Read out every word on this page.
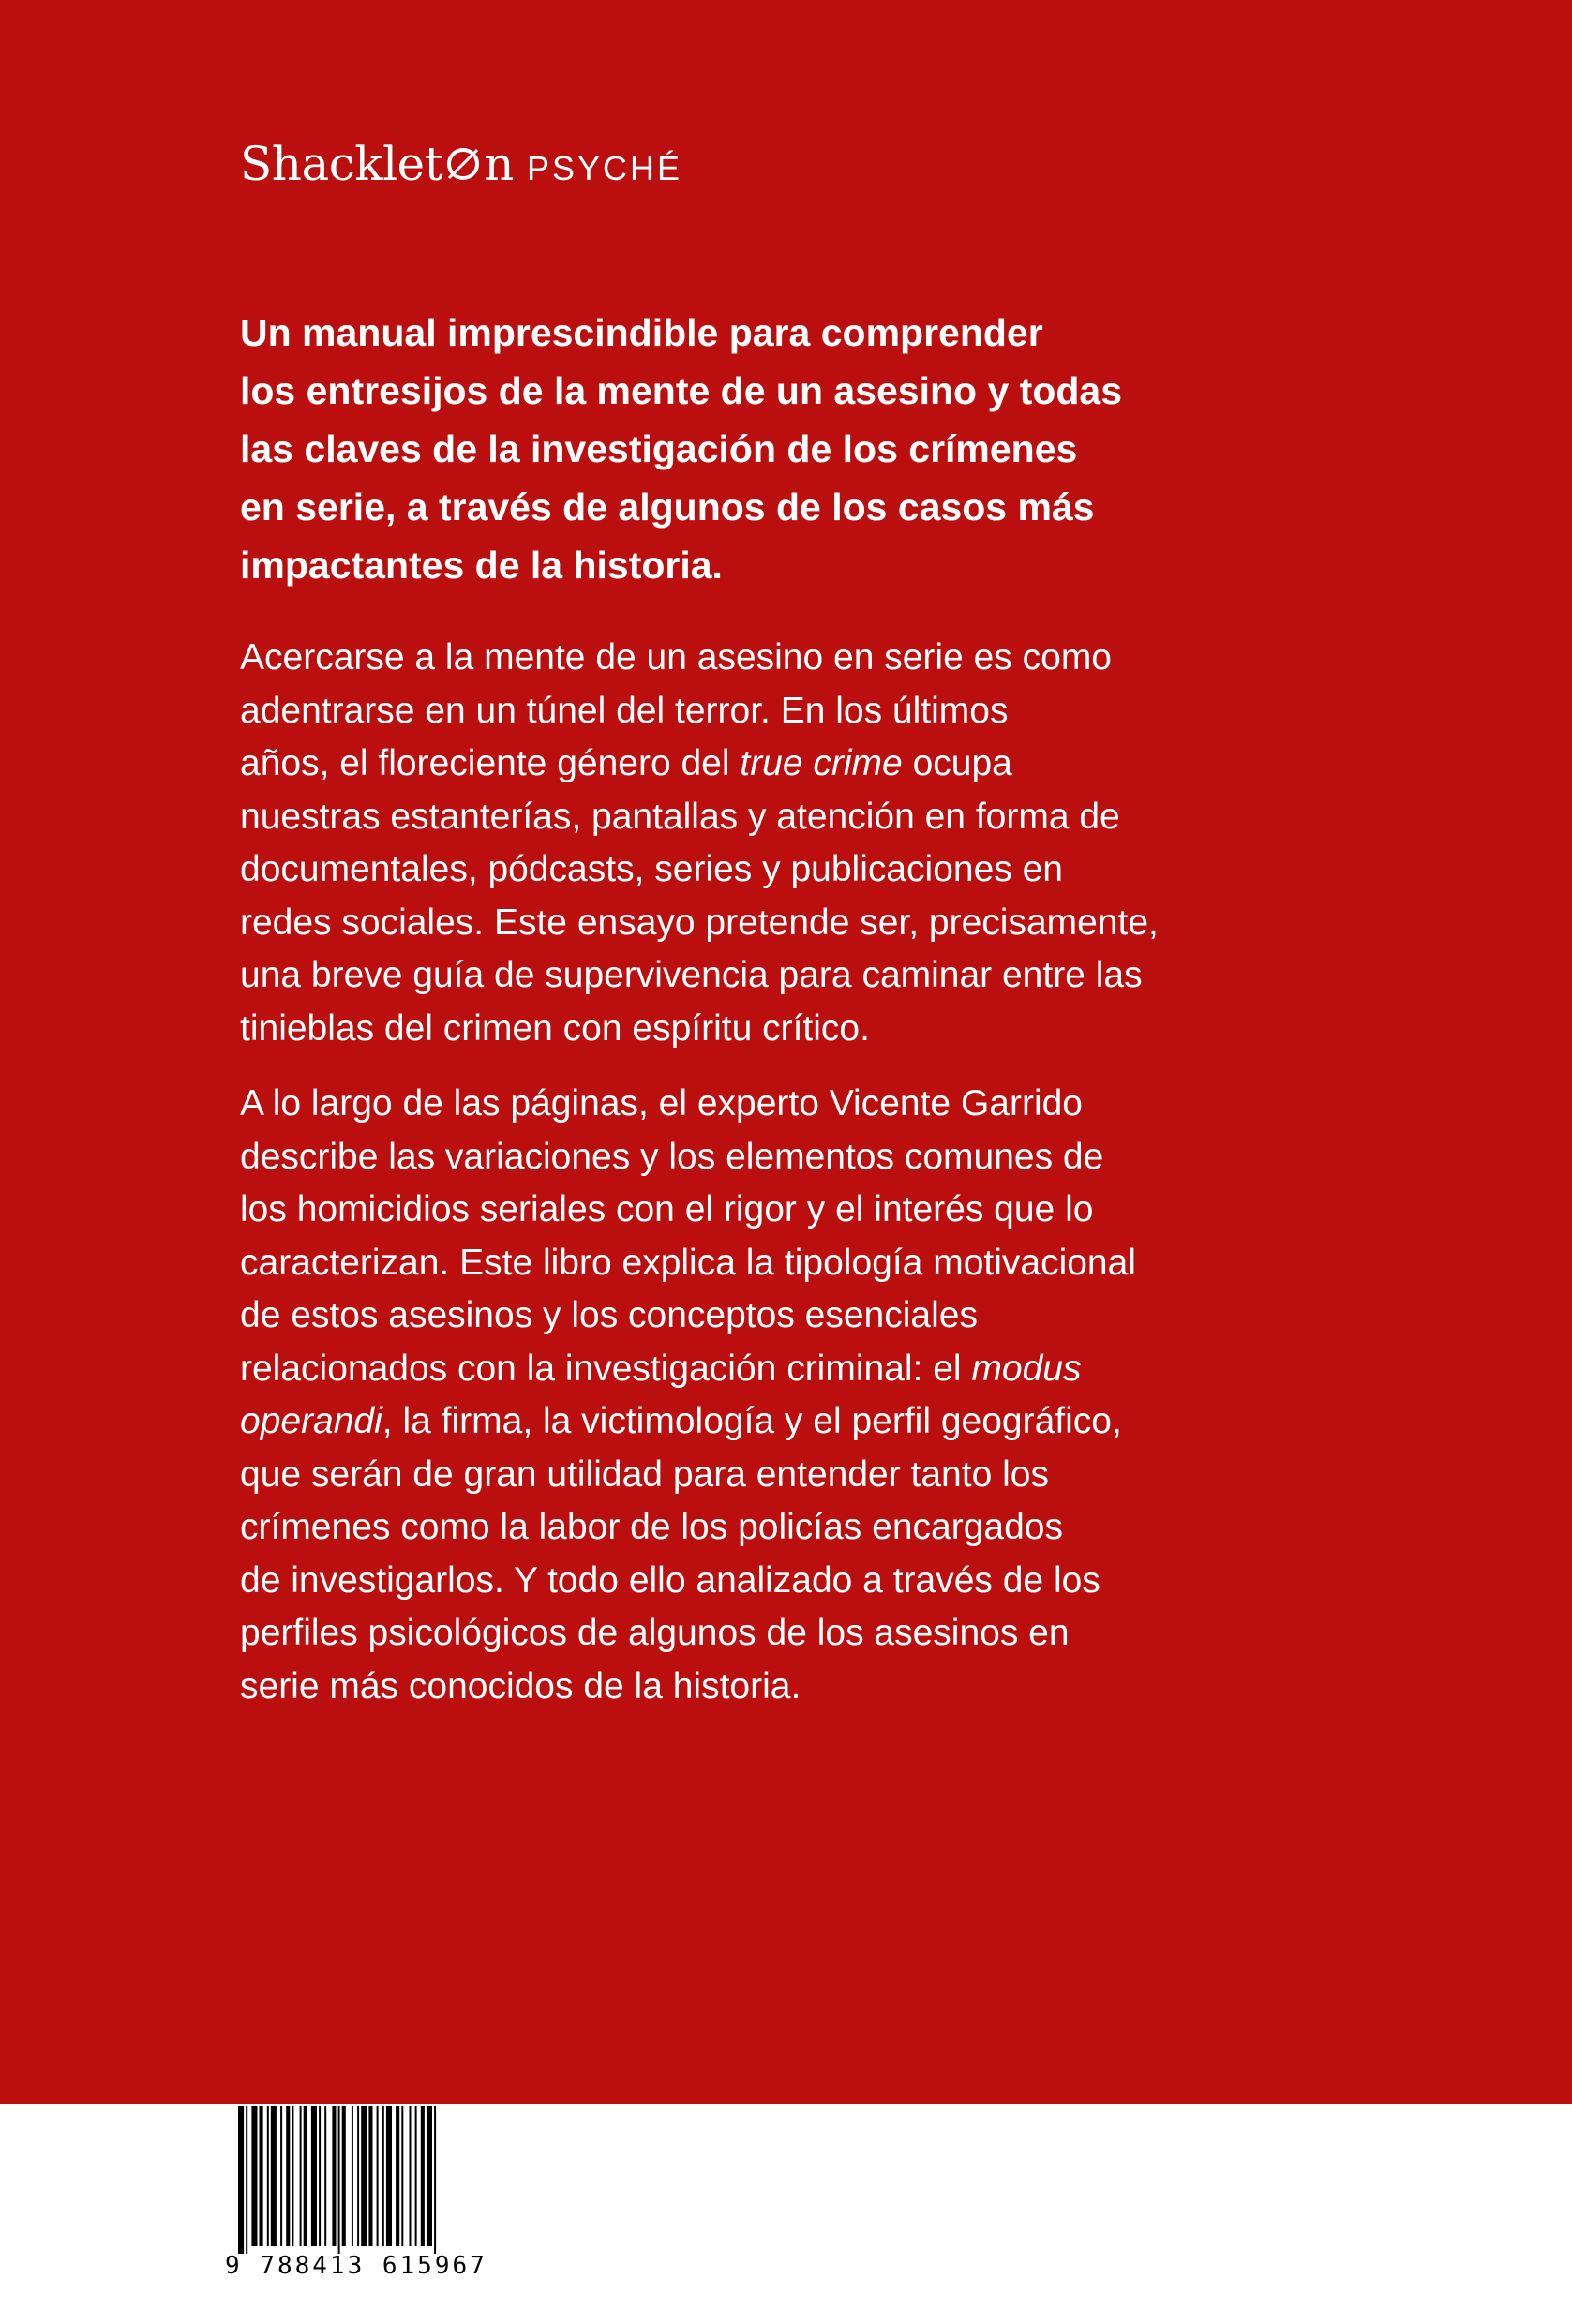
Shacklet n PSYCHÉ

Un manual imprescindible para comprender
los entresijos de la mente de un asesino y todas
las claves de la investigación de los crímenes
en serie, a través de algunos de los casos más
impactantes de la historia.

Acercarse a la mente de un asesino en serie es como
adentrarse en un túnel del terror. En los últimos
años, el floreciente género del true crime ocupa
nuestras estanterías, pantallas y atención en forma de
documentales, pódcasts, series y publicaciones en
redes sociales. Este ensayo pretende ser, precisamente,
una breve guía de supervivencia para caminar entre las
tinieblas del crimen con espíritu crítico.

A lo largo de las páginas, el experto Vicente Garrido
describe las variaciones y los elementos comunes de
los homicidios seriales con el rigor y el interés que lo
caracterizan. Este libro explica la tipología motivacional
de estos asesinos y los conceptos esenciales
relacionados con la investigación criminal: el modus
operandi, la firma, la victimología y el perfil geográfico,
que serán de gran utilidad para entender tanto los
crímenes como la labor de los policías encargados
de investigarlos. Y todo ello analizado a través de los
perfiles psicológicos de algunos de los asesinos en
serie más conocidos de la historia.

9 788413 615967
